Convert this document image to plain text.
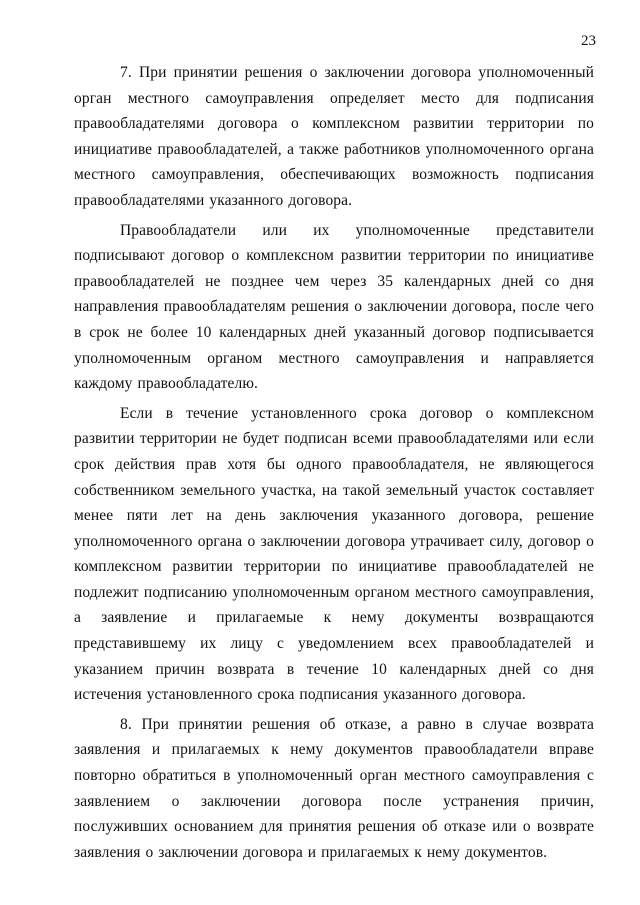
23

7. При принятии решения о заключении договора уполномоченный орган местного самоуправления определяет место для подписания правообладателями договора о комплексном развитии территории по инициативе правообладателей, а также работников уполномоченного органа местного самоуправления, обеспечивающих возможность подписания правообладателями указанного договора.

Правообладатели или их уполномоченные представители подписывают договор о комплексном развитии территории по инициативе правообладателей не позднее чем через 35 календарных дней со дня направления правообладателям решения о заключении договора, после чего в срок не более 10 календарных дней указанный договор подписывается уполномоченным органом местного самоуправления и направляется каждому правообладателю.

Если в течение установленного срока договор о комплексном развитии территории не будет подписан всеми правообладателями или если срок действия прав хотя бы одного правообладателя, не являющегося собственником земельного участка, на такой земельный участок составляет менее пяти лет на день заключения указанного договора, решение уполномоченного органа о заключении договора утрачивает силу, договор о комплексном развитии территории по инициативе правообладателей не подлежит подписанию уполномоченным органом местного самоуправления, а заявление и прилагаемые к нему документы возвращаются представившему их лицу с уведомлением всех правообладателей и указанием причин возврата в течение 10 календарных дней со дня истечения установленного срока подписания указанного договора.

8. При принятии решения об отказе, а равно в случае возврата заявления и прилагаемых к нему документов правообладатели вправе повторно обратиться в уполномоченный орган местного самоуправления с заявлением о заключении договора после устранения причин, послуживших основанием для принятия решения об отказе или о возврате заявления о заключении договора и прилагаемых к нему документов.
